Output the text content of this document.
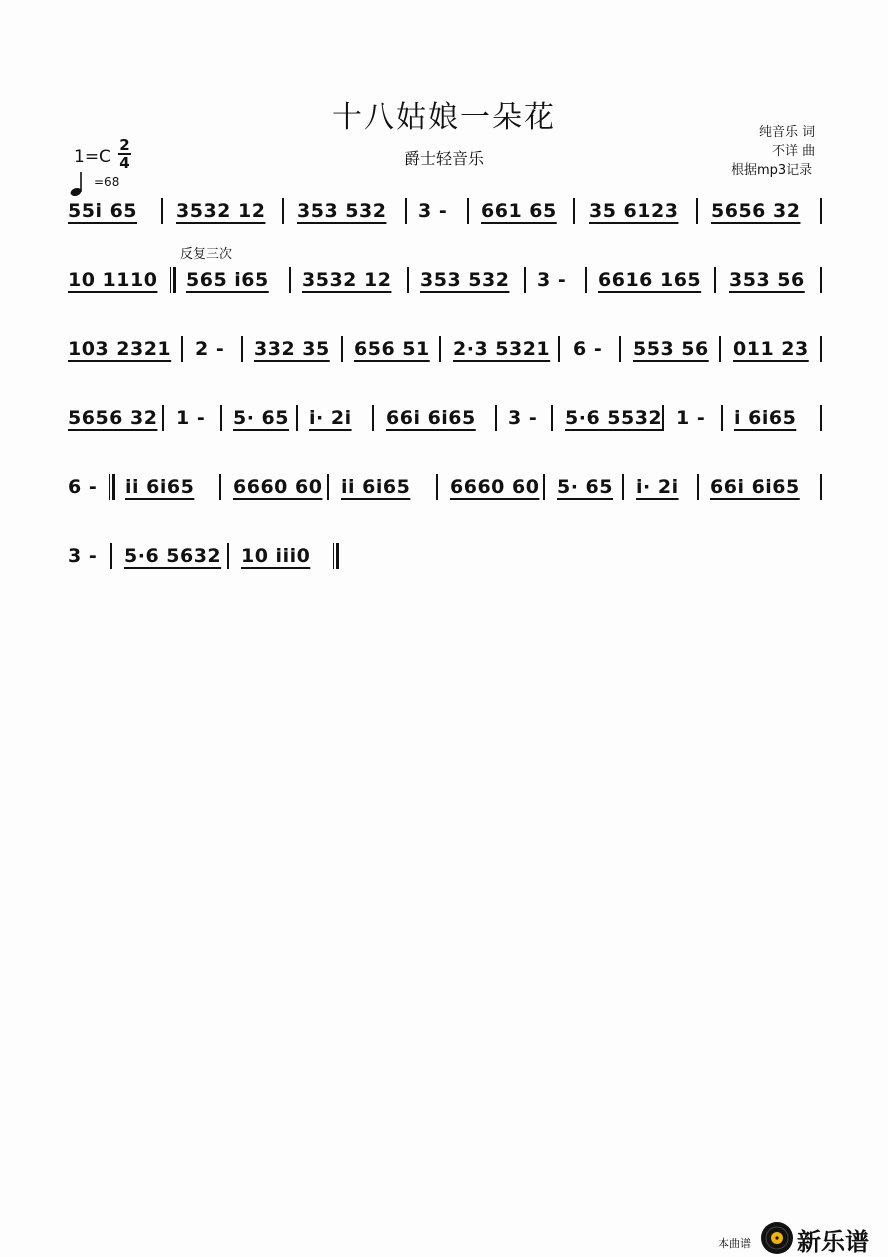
十八姑娘一朵花
爵士轻音乐
纯音乐 词
不详 曲
根据mp3记录
1=C
2
4
=68
反复三次
55i 65 3532 12 353 532 3 - 661 65 35 6123 5656 32
10 1110 565 i65 3532 12 353 532 3 - 6616 165 353 56
103 2321 2 - 332 35 656 51 2·3 5321 6 - 553 56 011 23
5656 32 1 - 5· 65 i· 2i 66i 6i65 3 - 5·6 5532 1 - i 6i65
6 - ii 6i65 6660 60 ii 6i65 6660 60 5· 65 i· 2i 66i 6i65
3 - 5·6 5632 10 iii0
本曲谱 新乐谱
